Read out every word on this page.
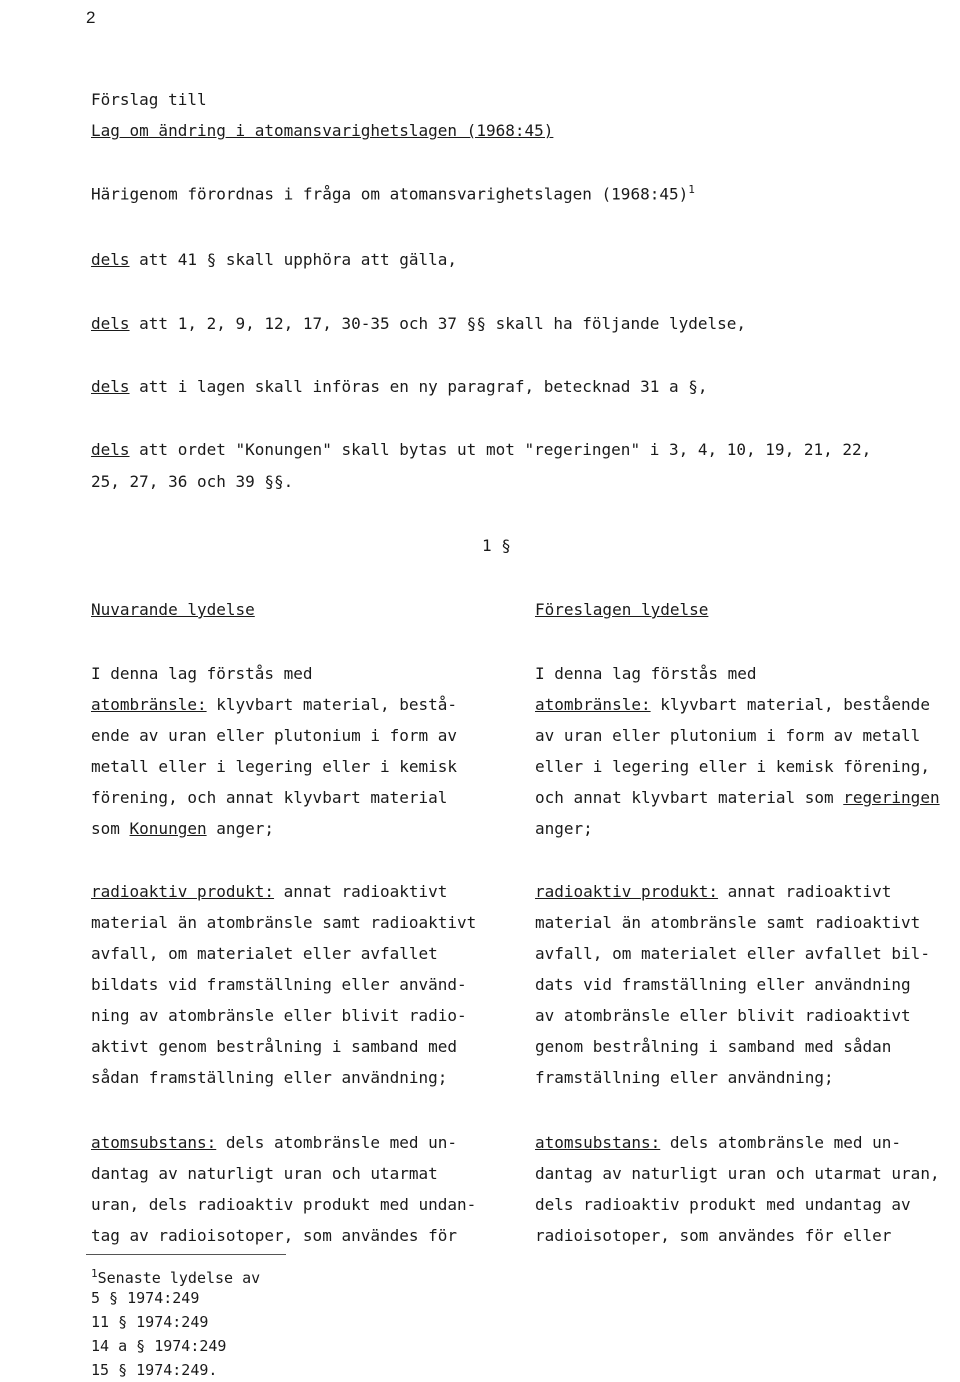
2
Förslag till
Lag om ändring i atomansvarighetslagen (1968:45)
Härigenom förordnas i fråga om atomansvarighetslagen (1968:45)$^1$
dels att 41 § skall upphöra att gälla,
dels att 1, 2, 9, 12, 17, 30-35 och 37 §§ skall ha följande lydelse,
dels att i lagen skall införas en ny paragraf, betecknad 31 a §,
dels att ordet "Konungen" skall bytas ut mot "regeringen" i 3, 4, 10, 19, 21, 22,
25, 27, 36 och 39 §§.
1 §
Nuvarande lydelse	Föreslagen lydelse
I denna lag förstås med
atombränsle: klyvbart material, bestå-
ende av uran eller plutonium i form av
metall eller i legering eller i kemisk
förening, och annat klyvbart material
som Konungen anger;
radioaktiv produkt: annat radioaktivt
material än atombränsle samt radioaktivt
avfall, om materialet eller avfallet
bildats vid framställning eller använd-
ning av atombränsle eller blivit radio-
aktivt genom bestrålning i samband med
sådan framställning eller användning;
atomsubstans: dels atombränsle med un-
dantag av naturligt uran och utarmat
uran, dels radioaktiv produkt med undan-
tag av radioisotoper, som användes för
I denna lag förstås med
atombränsle: klyvbart material, bestående
av uran eller plutonium i form av metall
eller i legering eller i kemisk förening,
och annat klyvbart material som regeringen
anger;
radioaktiv produkt: annat radioaktivt
material än atombränsle samt radioaktivt
avfall, om materialet eller avfallet bil-
dats vid framställning eller användning
av atombränsle eller blivit radioaktivt
genom bestrålning i samband med sådan
framställning eller användning;
atomsubstans: dels atombränsle med un-
dantag av naturligt uran och utarmat uran,
dels radioaktiv produkt med undantag av
radioisotoper, som användes för eller
$^1$Senaste lydelse av
5 § 1974:249
11 § 1974:249
14 a § 1974:249
15 § 1974:249.
